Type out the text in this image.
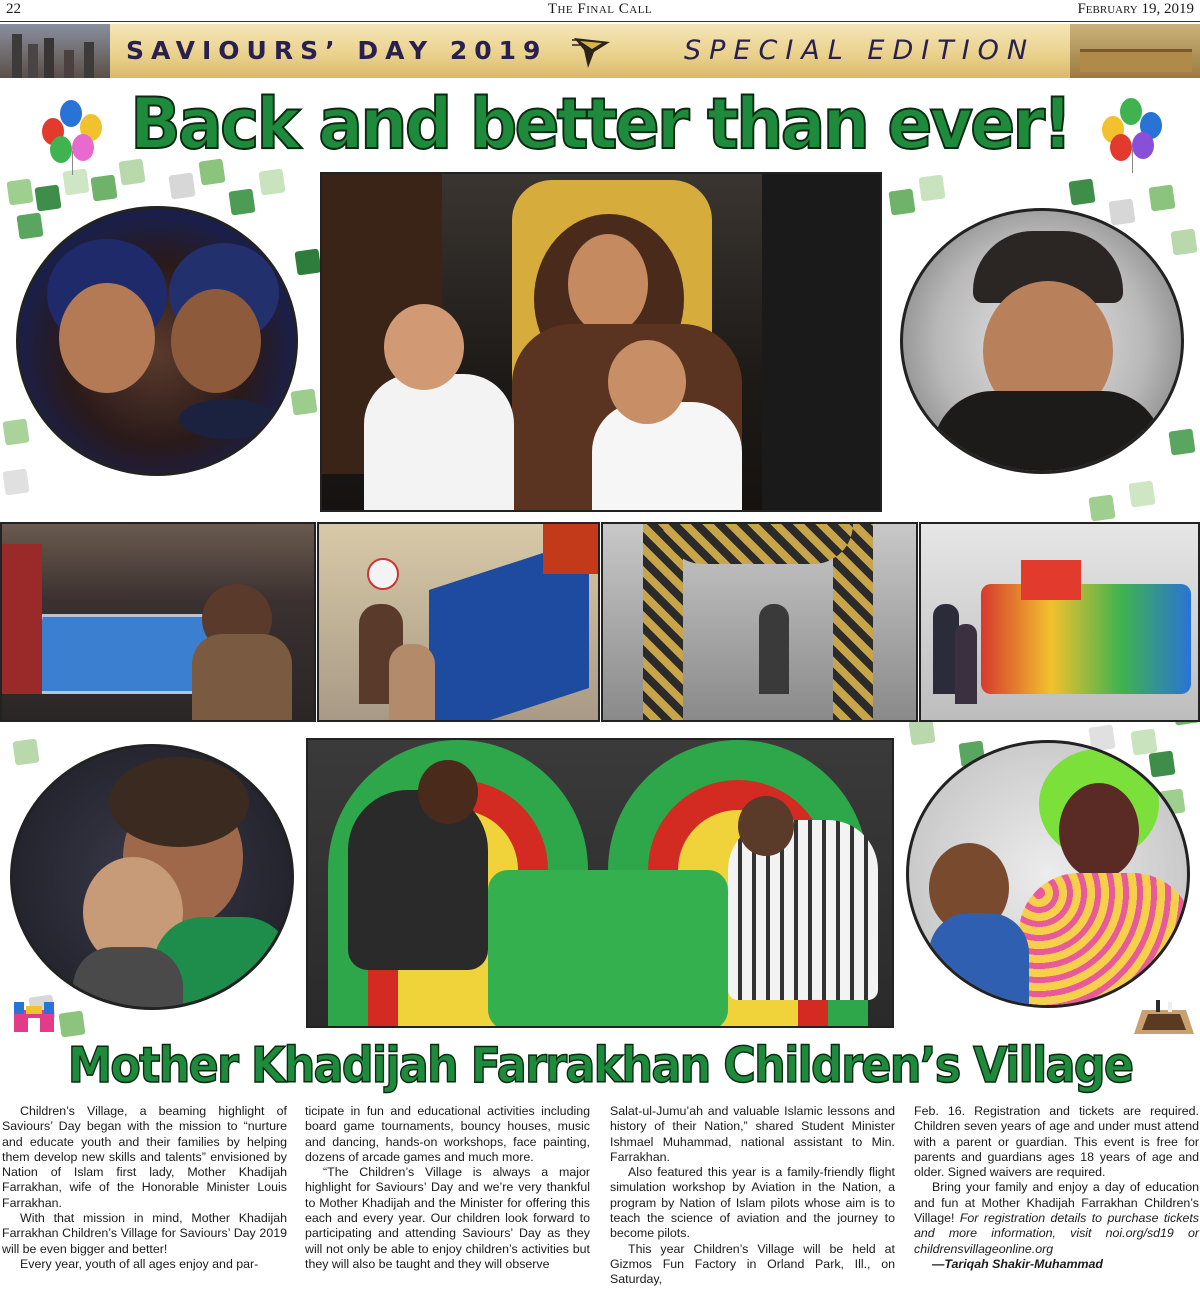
22	The Final Call	February 19, 2019
SAVIOURS’ DAY 2019	SPECIAL EDITION
Back and better than ever!
Mother Khadijah Farrakhan Children’s Village

Children’s Village, a beaming highlight of Saviours’ Day began with the mission to “nurture and educate youth and their families by helping them develop new skills and talents” envisioned by Nation of Islam first lady, Mother Khadijah Farrakhan, wife of the Honorable Minister Louis Farrakhan.

With that mission in mind, Mother Khadijah Farrakhan Children’s Village for Saviours’ Day 2019 will be even bigger and better!

Every year, youth of all ages enjoy and par-

ticipate in fun and educational activities including board game tournaments, bouncy houses, music and dancing, hands-on workshops, face painting, dozens of arcade games and much more.

“The Children’s Village is always a major highlight for Saviours’ Day and we’re very thankful to Mother Khadijah and the Minister for offering this each and every year. Our children look forward to participating and attending Saviours’ Day as they will not only be able to enjoy children’s activities but they will also be taught and they will observe

Salat-ul-Jumu’ah and valuable Islamic lessons and history of their Nation,” shared Student Minister Ishmael Muhammad, national assistant to Min. Farrakhan.

Also featured this year is a family-friendly flight simulation workshop by Aviation in the Nation, a program by Nation of Islam pilots whose aim is to teach the science of aviation and the journey to become pilots.

This year Children’s Village will be held at Gizmos Fun Factory in Orland Park, Ill., on Saturday,

Feb. 16. Registration and tickets are required. Children seven years of age and under must attend with a parent or guardian. This event is free for parents and guardians ages 18 years of age and older. Signed waivers are required.

Bring your family and enjoy a day of education and fun at Mother Khadijah Farrakhan Children’s Village! For registration details to purchase tickets and more information, visit noi.org/sd19 or childrensvillageonline.org

—Tariqah Shakir-Muhammad
